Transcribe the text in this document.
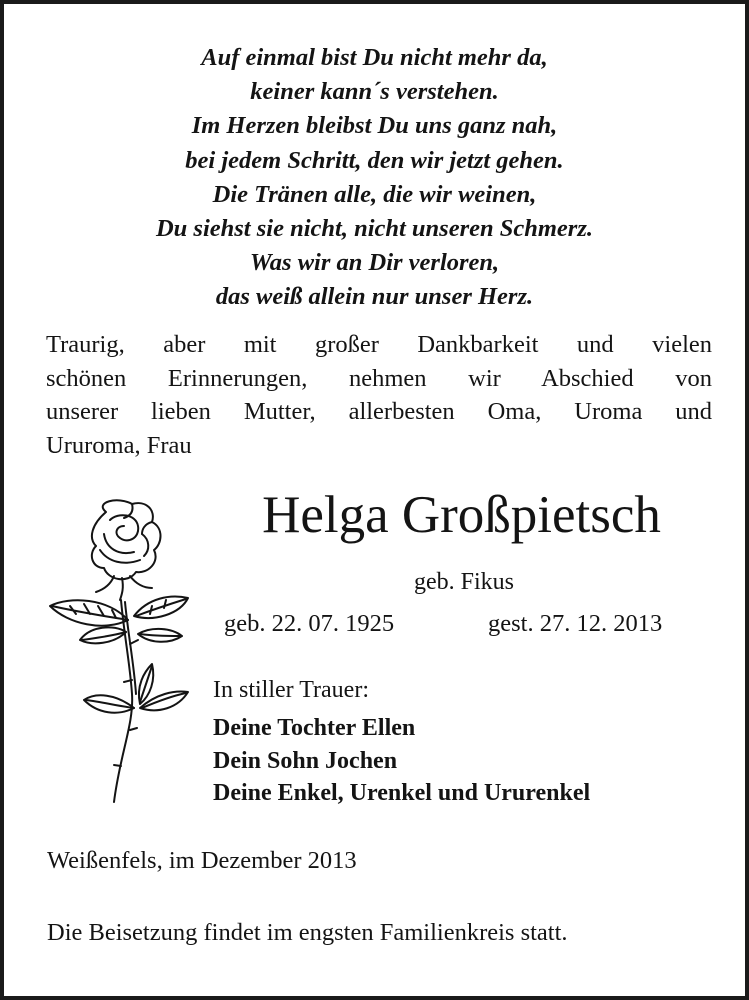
Auf einmal bist Du nicht mehr da,
keiner kann´s verstehen.
Im Herzen bleibst Du uns ganz nah,
bei jedem Schritt, den wir jetzt gehen.
Die Tränen alle, die wir weinen,
Du siehst sie nicht, nicht unseren Schmerz.
Was wir an Dir verloren,
das weiß allein nur unser Herz.
Traurig, aber mit großer Dankbarkeit und vielen
schönen Erinnerungen, nehmen wir Abschied von
unserer lieben Mutter, allerbesten Oma, Uroma und
Ururoma, Frau
Helga Großpietsch
geb. Fikus
geb. 22. 07. 1925	gest. 27. 12. 2013
In stiller Trauer:
Deine Tochter Ellen
Dein Sohn Jochen
Deine Enkel, Urenkel und Ururenkel
Weißenfels, im Dezember 2013
Die Beisetzung findet im engsten Familienkreis statt.
